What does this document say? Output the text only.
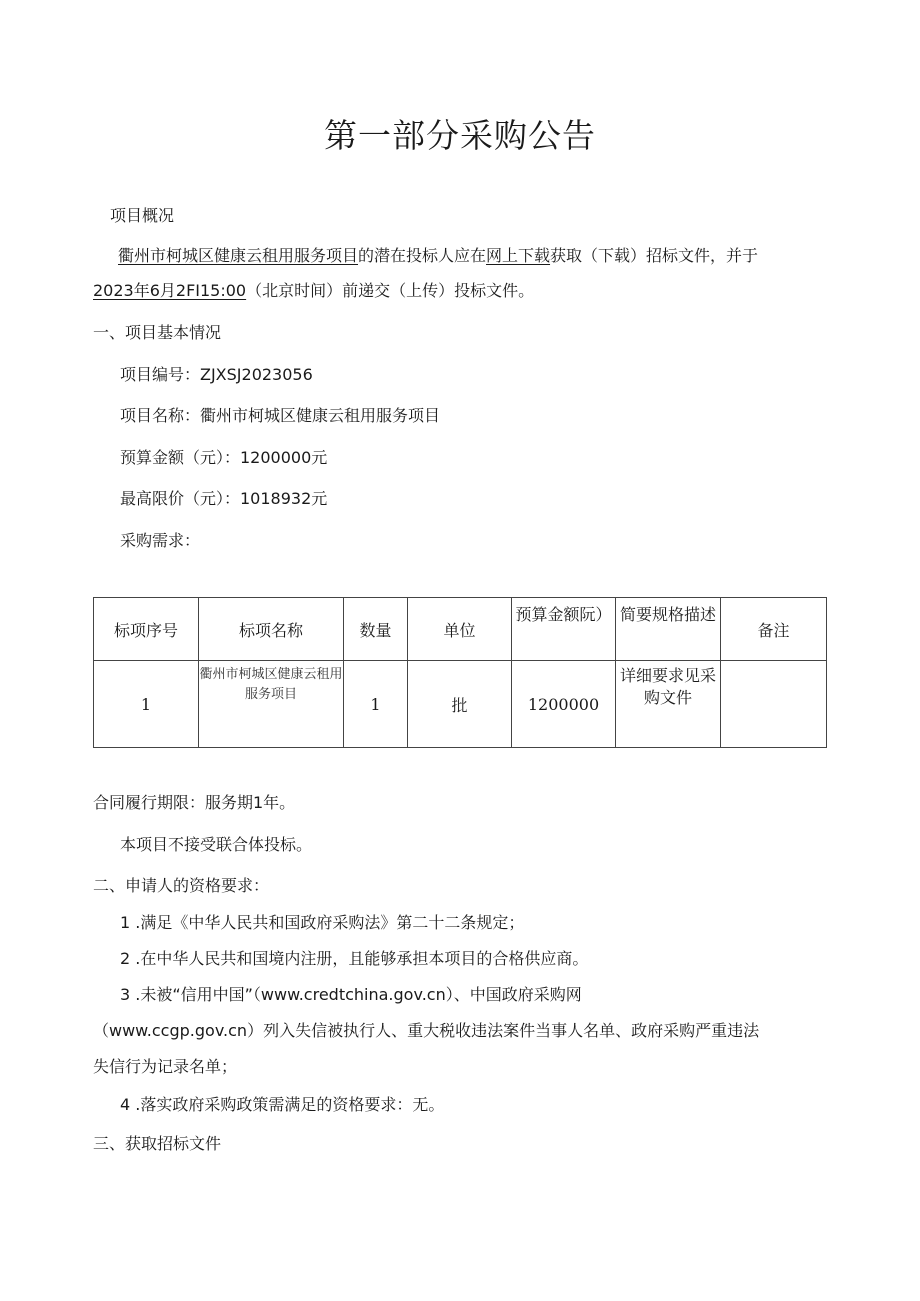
第一部分采购公告
项目概况
衢州市柯城区健康云租用服务项目的潜在投标人应在网上下载获取（下载）招标文件，并于
2023年6月2FI15:00（北京时间）前递交（上传）投标文件。
一、项目基本情况
项目编号：ZJXSJ2023056
项目名称：衢州市柯城区健康云租用服务项目
预算金额（元）：1200000元
最高限价（元）：1018932元
采购需求：
标项序号	标项名称	数量	单位	预算金额阮）	简要规格描述	备注
1	衢州市柯城区健康云租用服务项目	1	批	1200000	详细要求见采购文件	
合同履行期限：服务期1年。
本项目不接受联合体投标。
二、申请人的资格要求：
1 .满足《中华人民共和国政府采购法》第二十二条规定；
2 .在中华人民共和国境内注册，且能够承担本项目的合格供应商。
3 .未被“信用中国”（www.credtchina.gov.cn）、中国政府采购网
（www.ccgp.gov.cn）列入失信被执行人、重大税收违法案件当事人名单、政府采购严重违法
失信行为记录名单；
4 .落实政府采购政策需满足的资格要求：无。
三、获取招标文件
